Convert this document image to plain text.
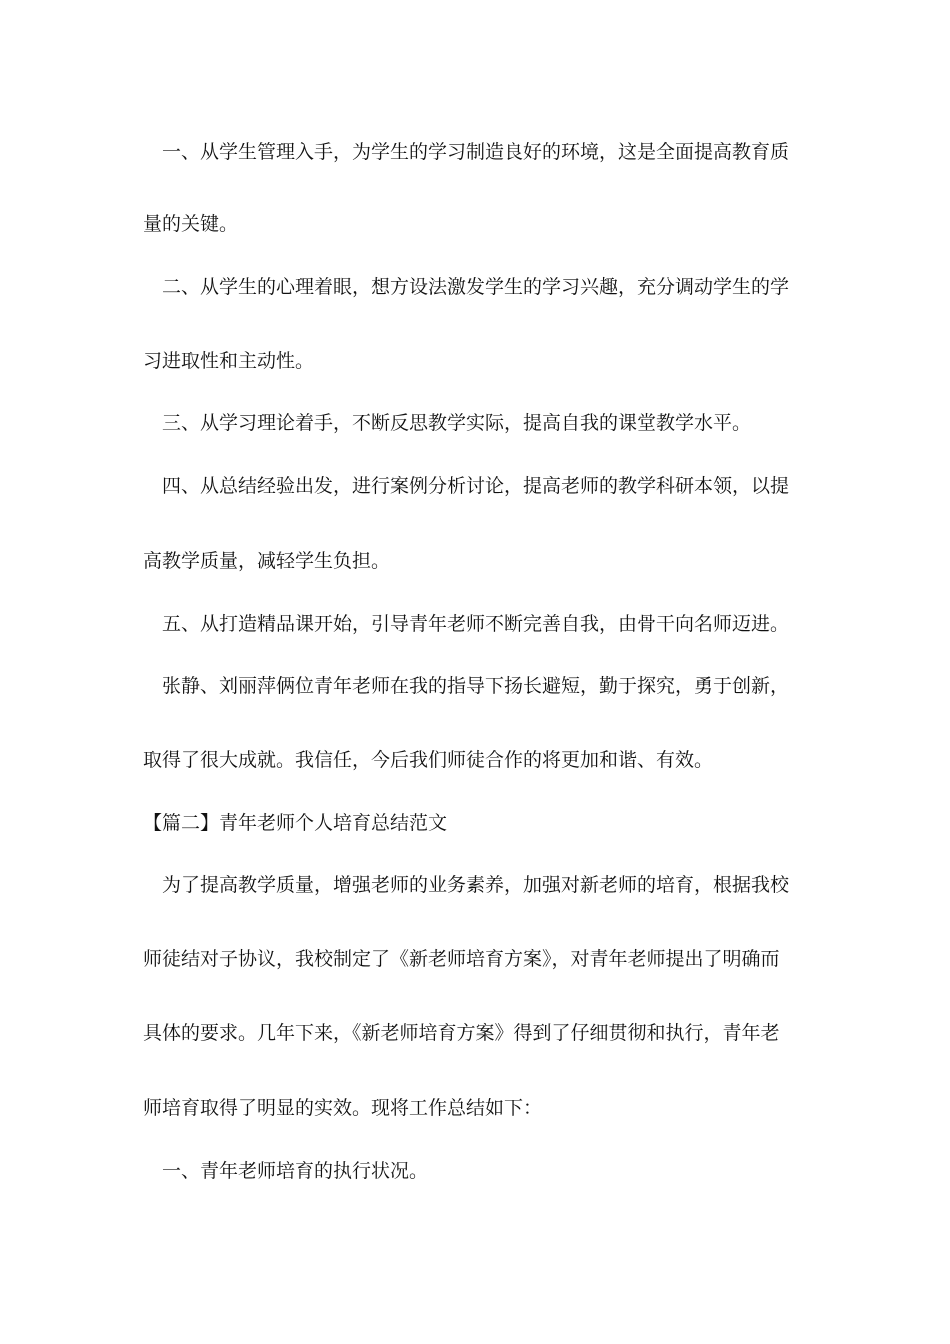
一、从学生管理入手，为学生的学习制造良好的环境，这是全面提高教育质
量的关键。
二、从学生的心理着眼，想方设法激发学生的学习兴趣，充分调动学生的学
习进取性和主动性。
三、从学习理论着手，不断反思教学实际，提高自我的课堂教学水平。
四、从总结经验出发，进行案例分析讨论，提高老师的教学科研本领，以提
高教学质量，减轻学生负担。
五、从打造精品课开始，引导青年老师不断完善自我，由骨干向名师迈进。
张静、刘丽萍俩位青年老师在我的指导下扬长避短，勤于探究，勇于创新，
取得了很大成就。我信任，今后我们师徒合作的将更加和谐、有效。
【篇二】青年老师个人培育总结范文
为了提高教学质量，增强老师的业务素养，加强对新老师的培育，根据我校
师徒结对子协议，我校制定了《新老师培育方案》，对青年老师提出了明确而
具体的要求。几年下来，《新老师培育方案》得到了仔细贯彻和执行，青年老
师培育取得了明显的实效。现将工作总结如下：
一、青年老师培育的执行状况。
